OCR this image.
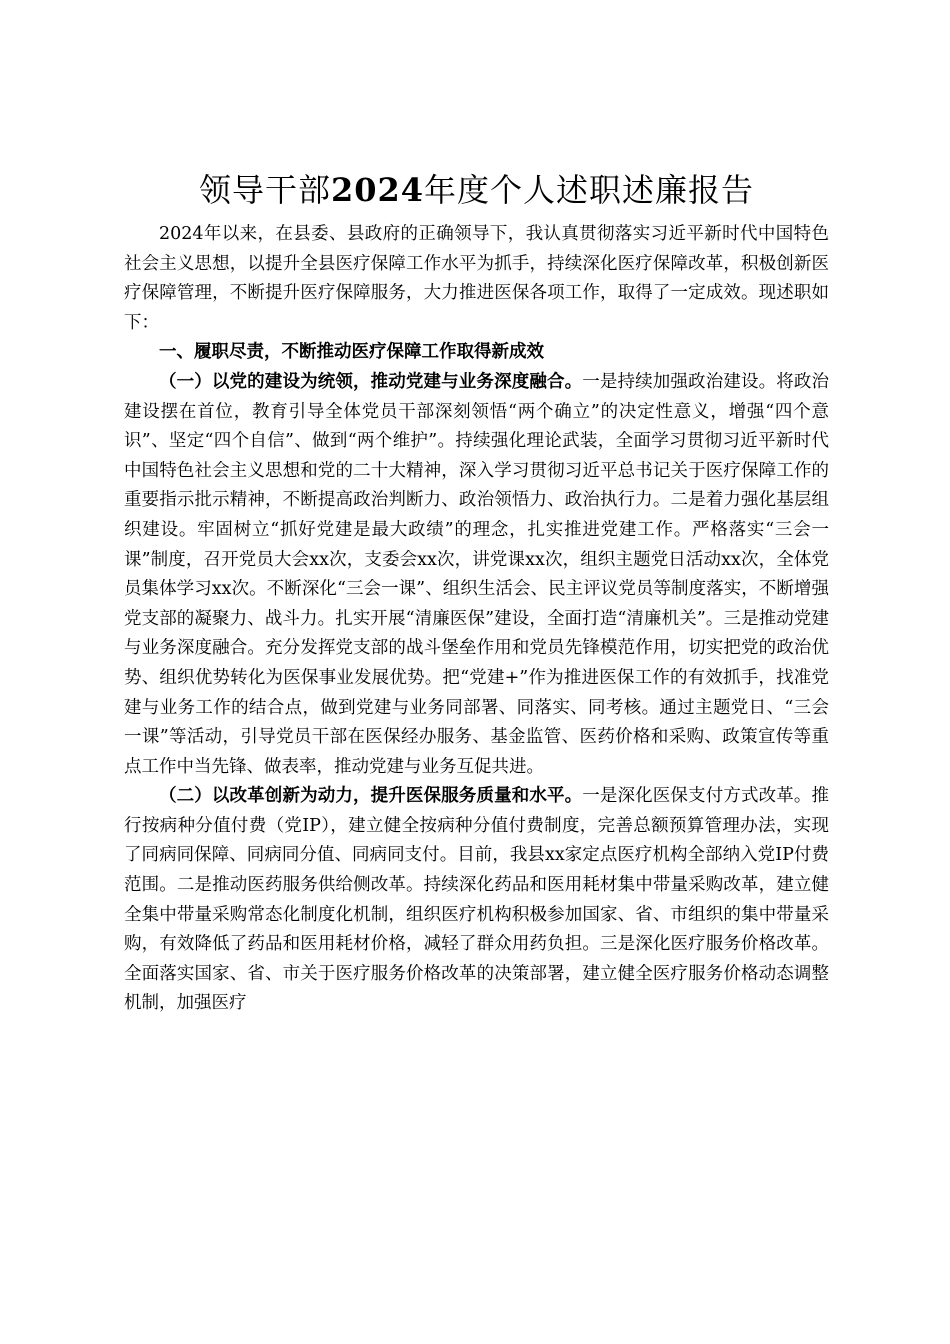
领导干部2024年度个人述职述廉报告

2024年以来，在县委、县政府的正确领导下，我认真贯彻落实习近平新时代中国特色社会主义思想，以提升全县医疗保障工作水平为抓手，持续深化医疗保障改革，积极创新医疗保障管理，不断提升医疗保障服务，大力推进医保各项工作，取得了一定成效。现述职如下：

一、履职尽责，不断推动医疗保障工作取得新成效

（一）以党的建设为统领，推动党建与业务深度融合。一是持续加强政治建设。将政治建设摆在首位，教育引导全体党员干部深刻领悟“两个确立”的决定性意义，增强“四个意识”、坚定“四个自信”、做到“两个维护”。持续强化理论武装，全面学习贯彻习近平新时代中国特色社会主义思想和党的二十大精神，深入学习贯彻习近平总书记关于医疗保障工作的重要指示批示精神，不断提高政治判断力、政治领悟力、政治执行力。二是着力强化基层组织建设。牢固树立“抓好党建是最大政绩”的理念，扎实推进党建工作。严格落实“三会一课”制度，召开党员大会xx次，支委会xx次，讲党课xx次，组织主题党日活动xx次，全体党员集体学习xx次。不断深化“三会一课”、组织生活会、民主评议党员等制度落实，不断增强党支部的凝聚力、战斗力。扎实开展“清廉医保”建设，全面打造“清廉机关”。三是推动党建与业务深度融合。充分发挥党支部的战斗堡垒作用和党员先锋模范作用，切实把党的政治优势、组织优势转化为医保事业发展优势。把“党建+”作为推进医保工作的有效抓手，找准党建与业务工作的结合点，做到党建与业务同部署、同落实、同考核。通过主题党日、“三会一课”等活动，引导党员干部在医保经办服务、基金监管、医药价格和采购、政策宣传等重点工作中当先锋、做表率，推动党建与业务互促共进。

（二）以改革创新为动力，提升医保服务质量和水平。一是深化医保支付方式改革。推行按病种分值付费（党IP），建立健全按病种分值付费制度，完善总额预算管理办法，实现了同病同保障、同病同分值、同病同支付。目前，我县xx家定点医疗机构全部纳入党IP付费范围。二是推动医药服务供给侧改革。持续深化药品和医用耗材集中带量采购改革，建立健全集中带量采购常态化制度化机制，组织医疗机构积极参加国家、省、市组织的集中带量采购，有效降低了药品和医用耗材价格，减轻了群众用药负担。三是深化医疗服务价格改革。全面落实国家、省、市关于医疗服务价格改革的决策部署，建立健全医疗服务价格动态调整机制，加强医疗
